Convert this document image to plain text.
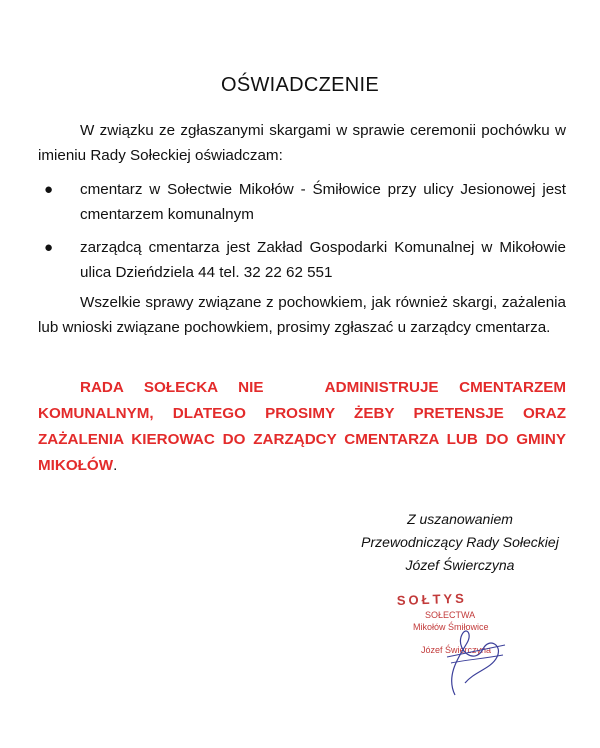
OŚWIADCZENIE
W związku ze zgłaszanymi skargami w sprawie ceremonii pochówku w imieniu Rady Sołeckiej oświadczam:
● cmentarz w Sołectwie Mikołów - Śmiłowice przy ulicy Jesionowej jest cmentarzem komunalnym
● zarządcą cmentarza jest Zakład Gospodarki Komunalnej w Mikołowie ulica Dzieńdziela 44 tel. 32 22 62 551
Wszelkie sprawy związane z pochowkiem, jak również skargi, zażalenia lub wnioski związane pochowkiem, prosimy zgłaszać u zarządcy cmentarza.
RADA SOŁECKA NIE   ADMINISTRUJE CMENTARZEM KOMUNALNYM, DLATEGO PROSIMY ŻEBY PRETENSJE ORAZ ZAŻALENIA KIEROWAC DO ZARZĄDCY CMENTARZA LUB DO GMINY MIKOŁÓW.
Z uszanowaniem
Przewodniczący Rady Sołeckiej
Józef Świerczyna
SOŁTYS
SOŁECTWA
Mikołów Śmiłowice
Józef Świerczyna
